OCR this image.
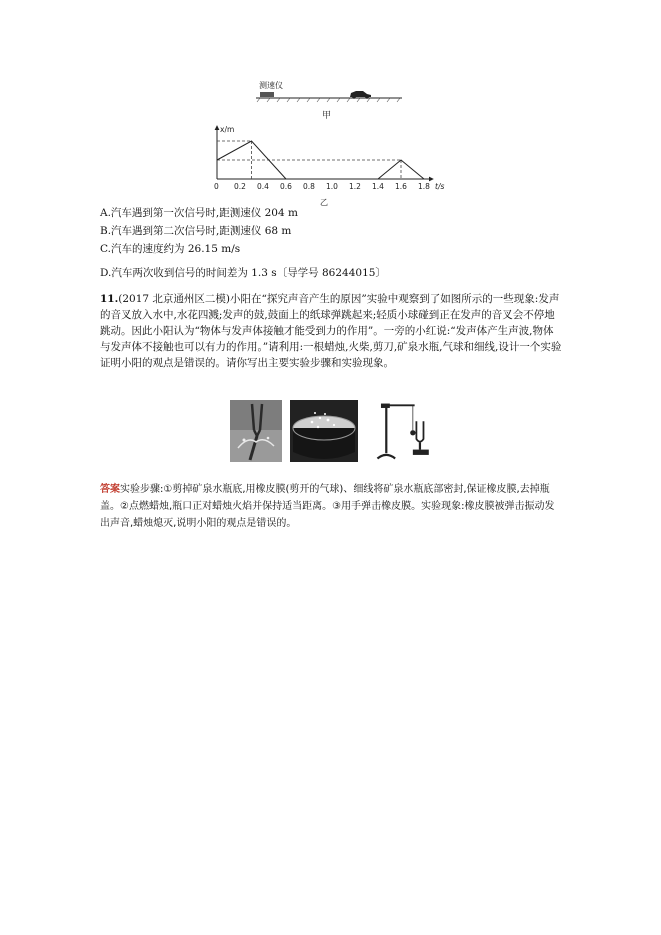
测速仪
甲
x/m
t/s
乙
0 0.2 0.4 0.6 0.8 1.0 1.2 1.4 1.6 1.8
A.汽车遇到第一次信号时,距测速仪 204 m
B.汽车遇到第二次信号时,距测速仪 68 m
C.汽车的速度约为 26.15 m/s
D.汽车两次收到信号的时间差为 1.3 s〔导学号 86244015〕

11.(2017 北京通州区二模)小阳在“探究声音产生的原因”实验中观察到了如图所示的一些现象:发声的音叉放入水中,水花四溅;发声的鼓,鼓面上的纸球弹跳起来;轻质小球碰到正在发声的音叉会不停地跳动。因此小阳认为“物体与发声体接触才能受到力的作用”。一旁的小红说:“发声体产生声波,物体与发声体不接触也可以有力的作用。”请利用:一根蜡烛,火柴,剪刀,矿泉水瓶,气球和细线,设计一个实验证明小阳的观点是错误的。请你写出主要实验步骤和实验现象。

答案实验步骤:①剪掉矿泉水瓶底,用橡皮膜(剪开的气球)、细线将矿泉水瓶底部密封,保证橡皮膜,去掉瓶盖。②点燃蜡烛,瓶口正对蜡烛火焰并保持适当距离。③用手弹击橡皮膜。实验现象:橡皮膜被弹击振动发出声音,蜡烛熄灭,说明小阳的观点是错误的。
